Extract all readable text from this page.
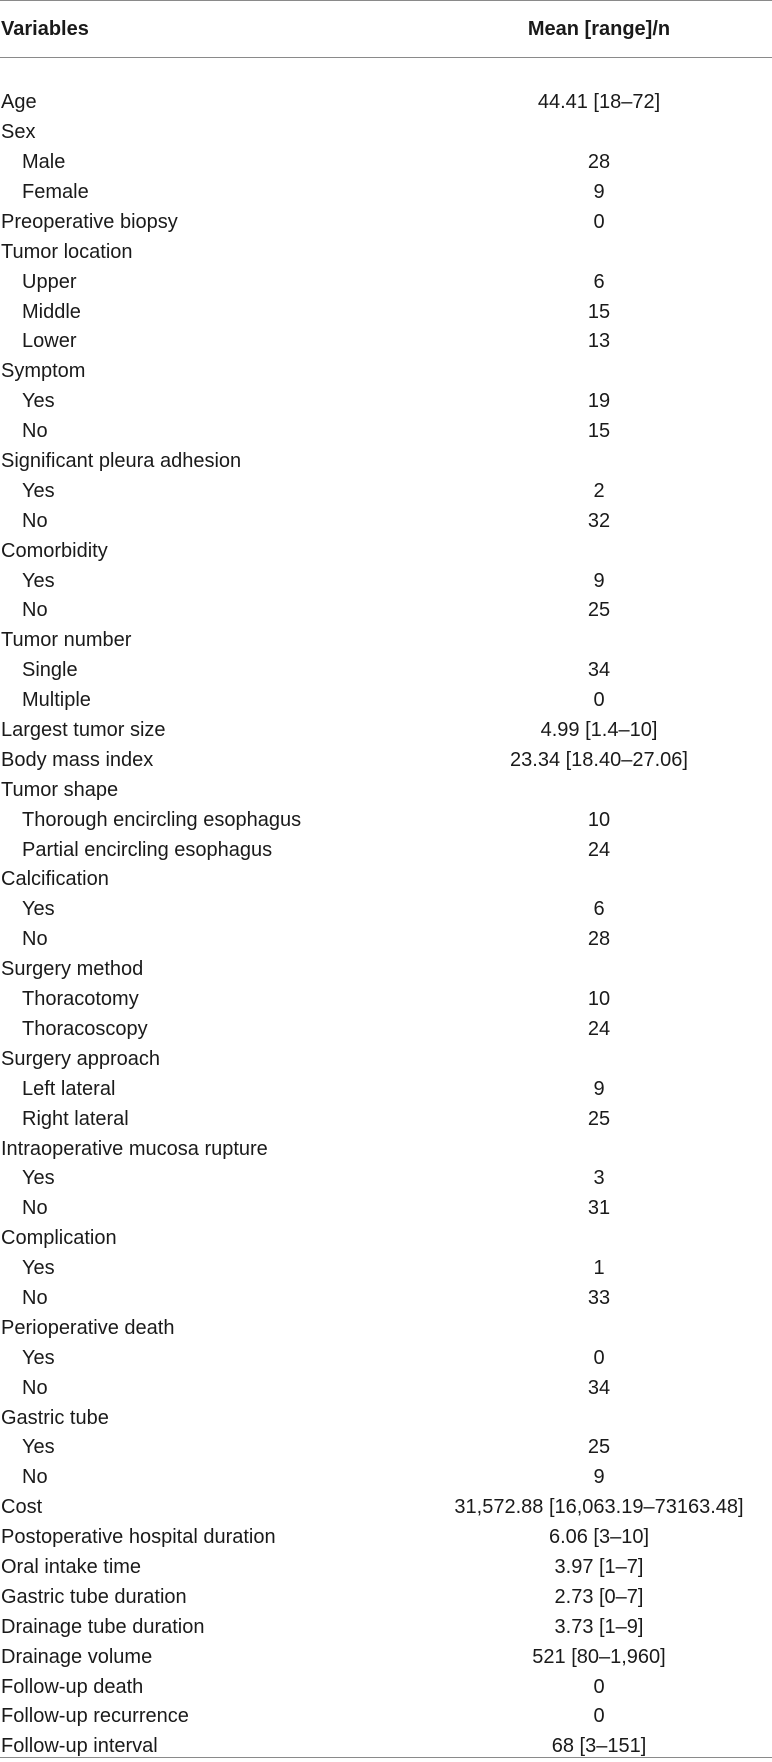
Variables	Mean [range]/n

Age	44.41 [18–72]
Sex	
Male	28
Female	9
Preoperative biopsy	0
Tumor location	
Upper	6
Middle	15
Lower	13
Symptom	
Yes	19
No	15
Significant pleura adhesion	
Yes	2
No	32
Comorbidity	
Yes	9
No	25
Tumor number	
Single	34
Multiple	0
Largest tumor size	4.99 [1.4–10]
Body mass index	23.34 [18.40–27.06]
Tumor shape	
Thorough encircling esophagus	10
Partial encircling esophagus	24
Calcification	
Yes	6
No	28
Surgery method	
Thoracotomy	10
Thoracoscopy	24
Surgery approach	
Left lateral	9
Right lateral	25
Intraoperative mucosa rupture	
Yes	3
No	31
Complication	
Yes	1
No	33
Perioperative death	
Yes	0
No	34
Gastric tube	
Yes	25
No	9
Cost	31,572.88 [16,063.19–73163.48]
Postoperative hospital duration	6.06 [3–10]
Oral intake time	3.97 [1–7]
Gastric tube duration	2.73 [0–7]
Drainage tube duration	3.73 [1–9]
Drainage volume	521 [80–1,960]
Follow-up death	0
Follow-up recurrence	0
Follow-up interval	68 [3–151]
